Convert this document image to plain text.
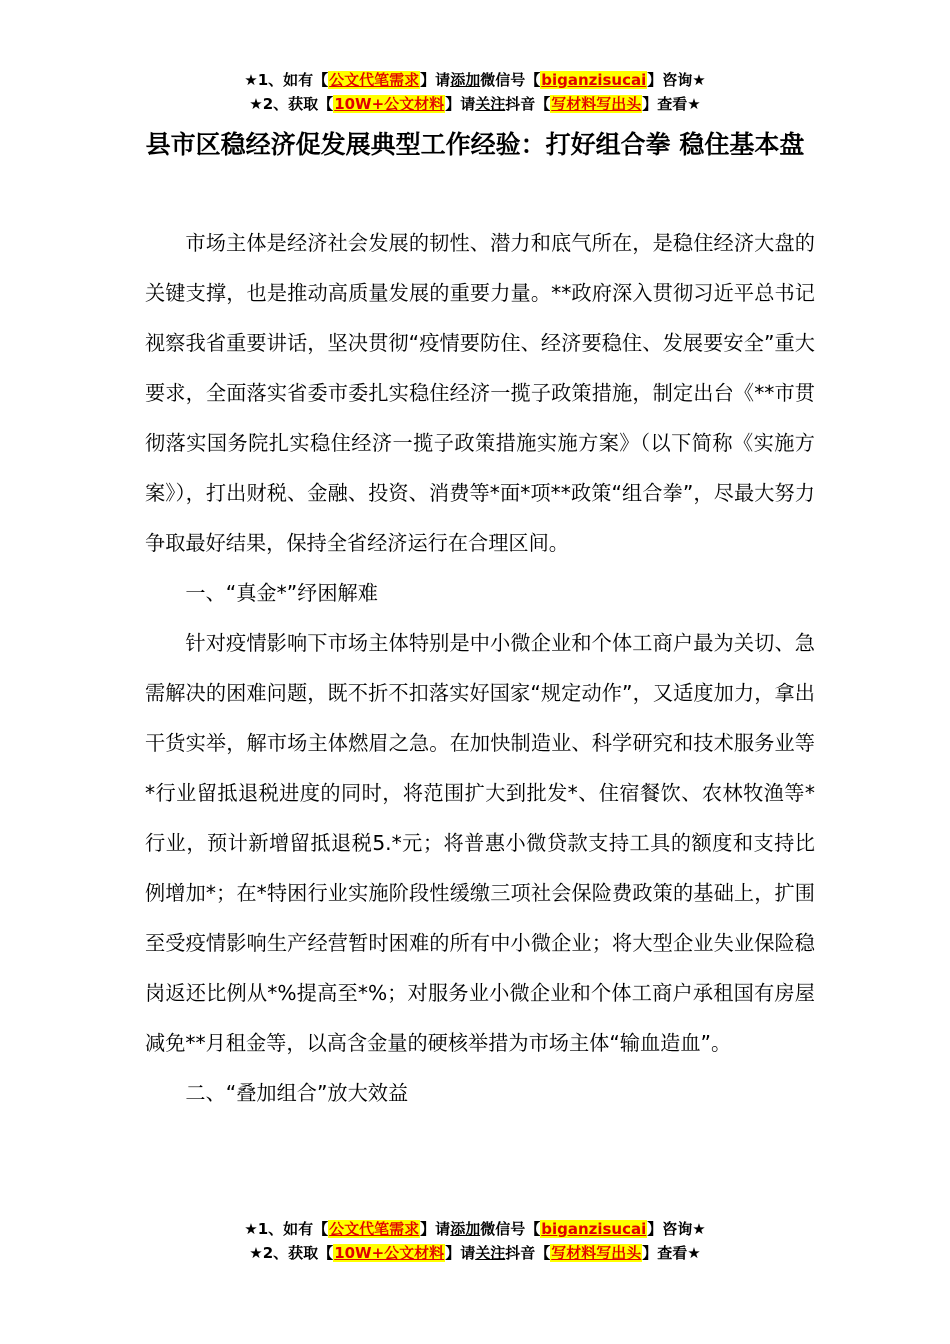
★1、如有【公文代笔需求】请添加微信号【biganzisucai】咨询★
★2、获取【10W+公文材料】请关注抖音【写材料写出头】查看★
县市区稳经济促发展典型工作经验：打好组合拳 稳住基本盘

市场主体是经济社会发展的韧性、潜力和底气所在，是稳住经济大盘的关键支撑，也是推动高质量发展的重要力量。**政府深入贯彻习近平总书记视察我省重要讲话，坚决贯彻“疫情要防住、经济要稳住、发展要安全”重大要求，全面落实省委市委扎实稳住经济一揽子政策措施，制定出台《**市贯彻落实国务院扎实稳住经济一揽子政策措施实施方案》（以下简称《实施方案》），打出财税、金融、投资、消费等*面*项**政策“组合拳”，尽最大努力争取最好结果，保持全省经济运行在合理区间。

一、“真金*”纾困解难

针对疫情影响下市场主体特别是中小微企业和个体工商户最为关切、急需解决的困难问题，既不折不扣落实好国家“规定动作”，又适度加力，拿出干货实举，解市场主体燃眉之急。在加快制造业、科学研究和技术服务业等*行业留抵退税进度的同时，将范围扩大到批发*、住宿餐饮、农林牧渔等*行业，预计新增留抵退税5.*元；将普惠小微贷款支持工具的额度和支持比例增加*；在*特困行业实施阶段性缓缴三项社会保险费政策的基础上，扩围至受疫情影响生产经营暂时困难的所有中小微企业；将大型企业失业保险稳岗返还比例从*%提高至*%；对服务业小微企业和个体工商户承租国有房屋减免**月租金等，以高含金量的硬核举措为市场主体“输血造血”。

二、“叠加组合”放大效益

★1、如有【公文代笔需求】请添加微信号【biganzisucai】咨询★
★2、获取【10W+公文材料】请关注抖音【写材料写出头】查看★
